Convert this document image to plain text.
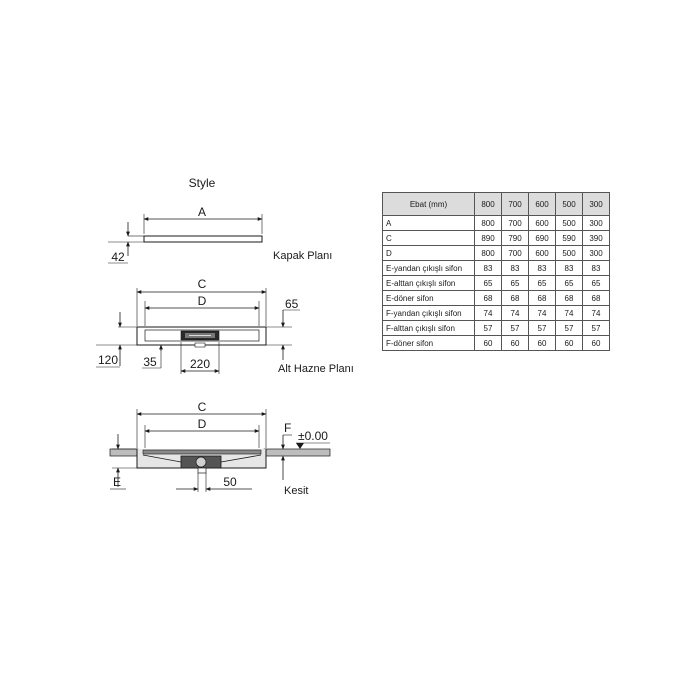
Style
A
42	Kapak Planı
C
D	65
120 35	220	Alt Hazne Planı
C
D
E
F
±0.00
50
Kesit
Ebat (mm)	800	700	600	500	300
A	800	700	600	500	300
C	890	790	690	590	390
D	800	700	600	500	300
E-yandan çıkışlı sifon	83	83	83	83	83
E-alttan çıkışlı sifon	65	65	65	65	65
E-döner sifon	68	68	68	68	68
F-yandan çıkışlı sifon	74	74	74	74	74
F-alttan çıkışlı sifon	57	57	57	57	57
F-döner sifon	60	60	60	60	60
